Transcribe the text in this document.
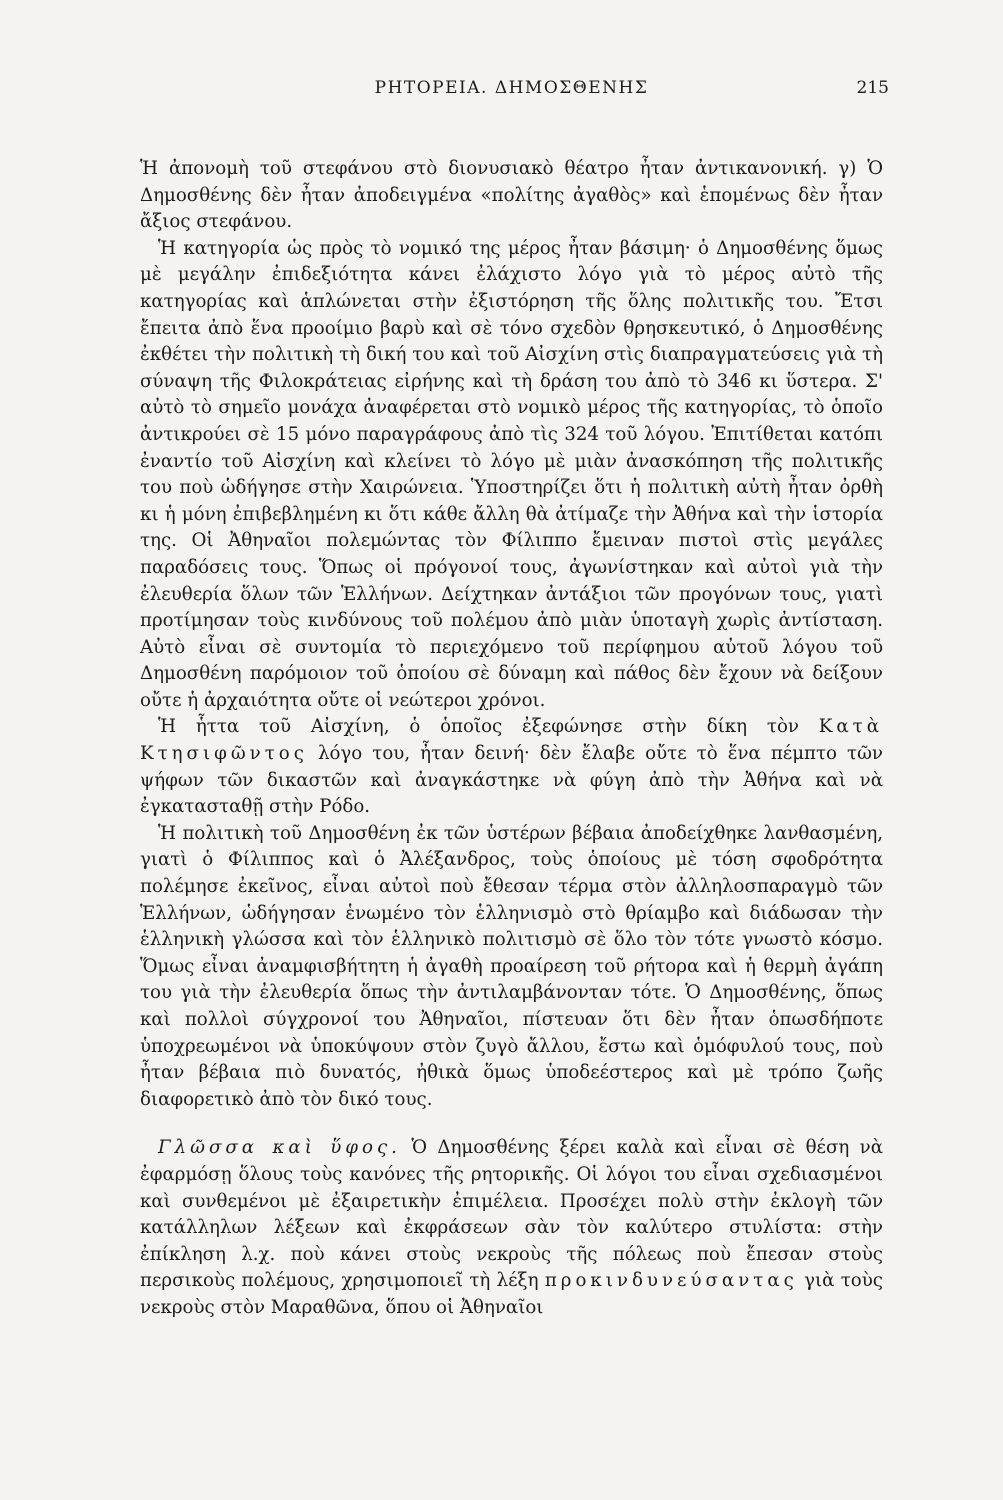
ΡΗΤΟΡΕΙΑ. ΔΗΜΟΣΘΕΝΗΣ	215

Ἡ ἀπονομὴ τοῦ στεφάνου στὸ διονυσιακὸ θέατρο ἦταν ἀντικανονική. γ) Ὁ Δημοσθένης δὲν ἦταν ἀποδειγμένα «πολίτης ἀγαθὸς» καὶ ἑπομένως δὲν ἦταν ἄξιος στεφάνου.

Ἡ κατηγορία ὡς πρὸς τὸ νομικό της μέρος ἦταν βάσιμη· ὁ Δημοσθένης ὅμως μὲ μεγάλην ἐπιδεξιότητα κάνει ἐλάχιστο λόγο γιὰ τὸ μέρος αὐτὸ τῆς κατηγορίας καὶ ἁπλώνεται στὴν ἐξιστόρηση τῆς ὅλης πολιτικῆς του. Ἔτσι ἔπειτα ἀπὸ ἕνα προοίμιο βαρὺ καὶ σὲ τόνο σχεδὸν θρησκευτικό, ὁ Δημοσθένης ἐκθέτει τὴν πολιτικὴ τὴ δική του καὶ τοῦ Αἰσχίνη στὶς διαπραγματεύσεις γιὰ τὴ σύναψη τῆς Φιλοκράτειας εἰρήνης καὶ τὴ δράση του ἀπὸ τὸ 346 κι ὕστερα. Σ' αὐτὸ τὸ σημεῖο μονάχα ἀναφέρεται στὸ νομικὸ μέρος τῆς κατηγορίας, τὸ ὁποῖο ἀντικρούει σὲ 15 μόνο παραγράφους ἀπὸ τὶς 324 τοῦ λόγου. Ἐπιτίθεται κατόπι ἐναντίο τοῦ Αἰσχίνη καὶ κλείνει τὸ λόγο μὲ μιὰν ἀνασκόπηση τῆς πολιτικῆς του ποὺ ὡδήγησε στὴν Χαιρώνεια. Ὑποστηρίζει ὅτι ἡ πολιτικὴ αὐτὴ ἦταν ὀρθὴ κι ἡ μόνη ἐπιβεβλημένη κι ὅτι κάθε ἄλλη θὰ ἀτίμαζε τὴν Ἀθήνα καὶ τὴν ἱστορία της. Οἱ Ἀθηναῖοι πολεμώντας τὸν Φίλιππο ἔμειναν πιστοὶ στὶς μεγάλες παραδόσεις τους. Ὅπως οἱ πρόγονοί τους, ἀγωνίστηκαν καὶ αὐτοὶ γιὰ τὴν ἐλευθερία ὅλων τῶν Ἑλλήνων. Δείχτηκαν ἀντάξιοι τῶν προγόνων τους, γιατὶ προτίμησαν τοὺς κινδύνους τοῦ πολέμου ἀπὸ μιὰν ὑποταγὴ χωρὶς ἀντίσταση. Αὐτὸ εἶναι σὲ συντομία τὸ περιεχόμενο τοῦ περίφημου αὐτοῦ λόγου τοῦ Δημοσθένη παρόμοιον τοῦ ὁποίου σὲ δύναμη καὶ πάθος δὲν ἔχουν νὰ δείξουν οὔτε ἡ ἀρχαιότητα οὔτε οἱ νεώτεροι χρόνοι.

Ἡ ἧττα τοῦ Αἰσχίνη, ὁ ὁποῖος ἐξεφώνησε στὴν δίκη τὸν Κατὰ Κτησιφῶντος λόγο του, ἦταν δεινή· δὲν ἔλαβε οὔτε τὸ ἕνα πέμπτο τῶν ψήφων τῶν δικαστῶν καὶ ἀναγκάστηκε νὰ φύγη ἀπὸ τὴν Ἀθήνα καὶ νὰ ἐγκατασταθῇ στὴν Ρόδο.

Ἡ πολιτικὴ τοῦ Δημοσθένη ἐκ τῶν ὑστέρων βέβαια ἀποδείχθηκε λανθασμένη, γιατὶ ὁ Φίλιππος καὶ ὁ Ἀλέξανδρος, τοὺς ὁποίους μὲ τόση σφοδρότητα πολέμησε ἐκεῖνος, εἶναι αὐτοὶ ποὺ ἔθεσαν τέρμα στὸν ἀλληλοσπαραγμὸ τῶν Ἑλλήνων, ὡδήγησαν ἑνωμένο τὸν ἑλληνισμὸ στὸ θρίαμβο καὶ διάδωσαν τὴν ἑλληνικὴ γλώσσα καὶ τὸν ἑλληνικὸ πολιτισμὸ σὲ ὅλο τὸν τότε γνωστὸ κόσμο. Ὅμως εἶναι ἀναμφισβήτητη ἡ ἀγαθὴ προαίρεση τοῦ ρήτορα καὶ ἡ θερμὴ ἀγάπη του γιὰ τὴν ἐλευθερία ὅπως τὴν ἀντιλαμβάνονταν τότε. Ὁ Δημοσθένης, ὅπως καὶ πολλοὶ σύγχρονοί του Ἀθηναῖοι, πίστευαν ὅτι δὲν ἦταν ὁπωσδήποτε ὑποχρεωμένοι νὰ ὑποκύψουν στὸν ζυγὸ ἄλλου, ἔστω καὶ ὁμόφυλού τους, ποὺ ἦταν βέβαια πιὸ δυνατός, ἠθικὰ ὅμως ὑποδεέστερος καὶ μὲ τρόπο ζωῆς διαφορετικὸ ἀπὸ τὸν δικό τους.

Γλῶσσα καὶ ὕφος. Ὁ Δημοσθένης ξέρει καλὰ καὶ εἶναι σὲ θέση νὰ ἐφαρμόσῃ ὅλους τοὺς κανόνες τῆς ρητορικῆς. Οἱ λόγοι του εἶναι σχεδιασμένοι καὶ συνθεμένοι μὲ ἐξαιρετικὴν ἐπιμέλεια. Προσέχει πολὺ στὴν ἐκλογὴ τῶν κατάλληλων λέξεων καὶ ἐκφράσεων σὰν τὸν καλύτερο στυλίστα: στὴν ἐπίκληση λ.χ. ποὺ κάνει στοὺς νεκροὺς τῆς πόλεως ποὺ ἔπεσαν στοὺς περσικοὺς πολέμους, χρησιμοποιεῖ τὴ λέξη προκινδυνεύσαντας γιὰ τοὺς νεκροὺς στὸν Μαραθῶνα, ὅπου οἱ Ἀθηναῖοι
